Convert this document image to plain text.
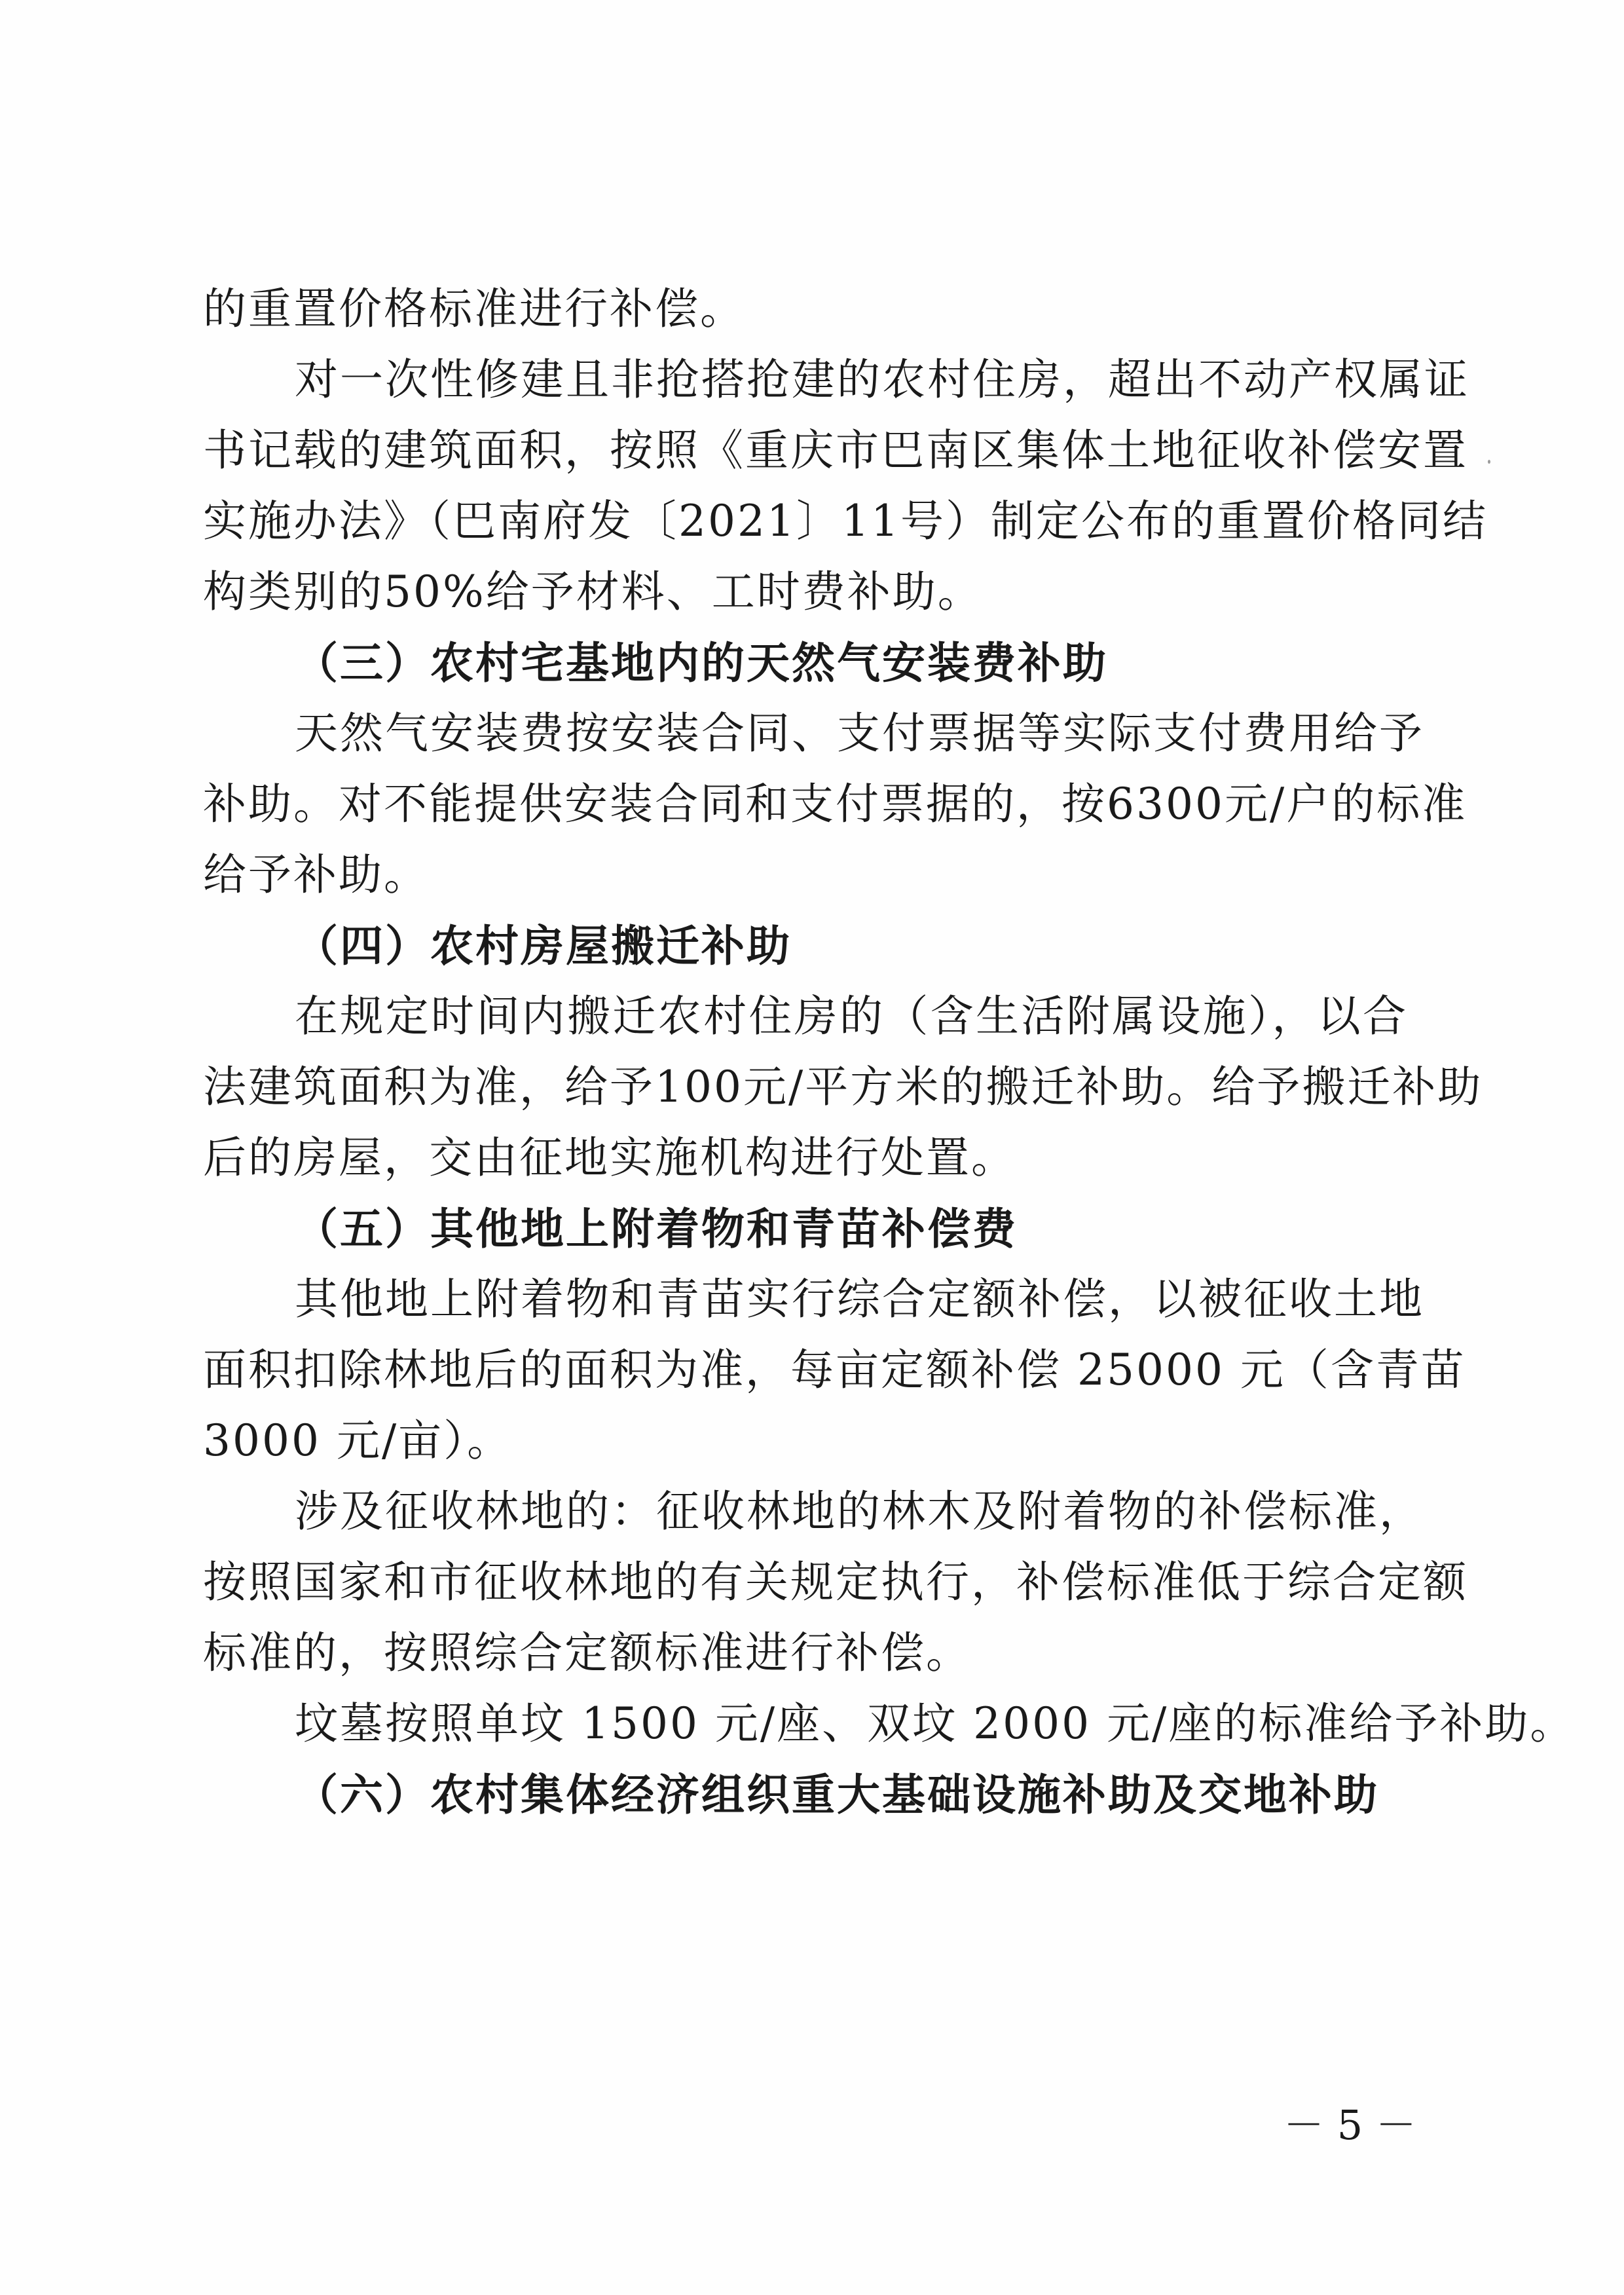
的重置价格标准进行补偿。
对一次性修建且非抢搭抢建的农村住房，超出不动产权属证
书记载的建筑面积，按照《重庆市巴南区集体土地征收补偿安置
实施办法》（巴南府发〔2021〕11号）制定公布的重置价格同结
构类别的50%给予材料、工时费补助。
（三）农村宅基地内的天然气安装费补助
天然气安装费按安装合同、支付票据等实际支付费用给予
补助。对不能提供安装合同和支付票据的，按6300元/户的标准
给予补助。
（四）农村房屋搬迁补助
在规定时间内搬迁农村住房的（含生活附属设施），以合
法建筑面积为准，给予100元/平方米的搬迁补助。给予搬迁补助
后的房屋，交由征地实施机构进行处置。
（五）其他地上附着物和青苗补偿费
其他地上附着物和青苗实行综合定额补偿，以被征收土地
面积扣除林地后的面积为准，每亩定额补偿 25000 元（含青苗
3000 元/亩）。
涉及征收林地的：征收林地的林木及附着物的补偿标准，
按照国家和市征收林地的有关规定执行，补偿标准低于综合定额
标准的，按照综合定额标准进行补偿。
坟墓按照单坟 1500 元/座、双坟 2000 元/座的标准给予补助。
（六）农村集体经济组织重大基础设施补助及交地补助
－ 5 －
